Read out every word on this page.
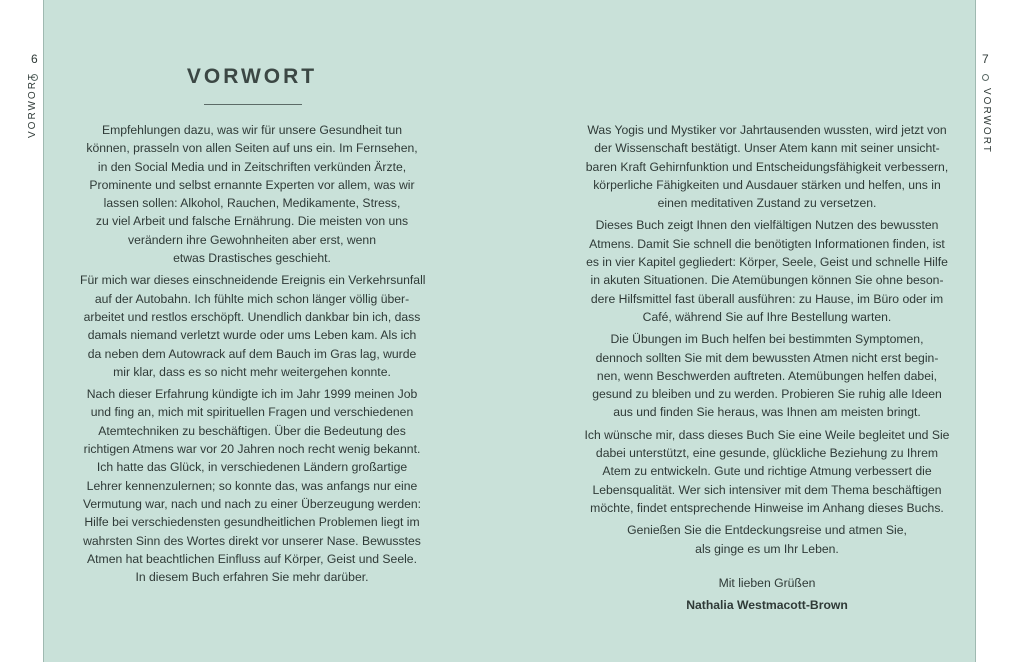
6
VORWORT
7
VORWORT
VORWORT
Empfehlungen dazu, was wir für unsere Gesundheit tun
können, prasseln von allen Seiten auf uns ein. Im Fernsehen,
in den Social Media und in Zeitschriften verkünden Ärzte,
Prominente und selbst ernannte Experten vor allem, was wir
lassen sollen: Alkohol, Rauchen, Medikamente, Stress,
zu viel Arbeit und falsche Ernährung. Die meisten von uns
verändern ihre Gewohnheiten aber erst, wenn
etwas Drastisches geschieht.
Für mich war dieses einschneidende Ereignis ein Verkehrsunfall
auf der Autobahn. Ich fühlte mich schon länger völlig über-
arbeitet und restlos erschöpft. Unendlich dankbar bin ich, dass
damals niemand verletzt wurde oder ums Leben kam. Als ich
da neben dem Autowrack auf dem Bauch im Gras lag, wurde
mir klar, dass es so nicht mehr weitergehen konnte.
Nach dieser Erfahrung kündigte ich im Jahr 1999 meinen Job
und fing an, mich mit spirituellen Fragen und verschiedenen
Atemtechniken zu beschäftigen. Über die Bedeutung des
richtigen Atmens war vor 20 Jahren noch recht wenig bekannt.
Ich hatte das Glück, in verschiedenen Ländern großartige
Lehrer kennenzulernen; so konnte das, was anfangs nur eine
Vermutung war, nach und nach zu einer Überzeugung werden:
Hilfe bei verschiedensten gesundheitlichen Problemen liegt im
wahrsten Sinn des Wortes direkt vor unserer Nase. Bewusstes
Atmen hat beachtlichen Einfluss auf Körper, Geist und Seele.
In diesem Buch erfahren Sie mehr darüber.
Was Yogis und Mystiker vor Jahrtausenden wussten, wird jetzt von
der Wissenschaft bestätigt. Unser Atem kann mit seiner unsicht-
baren Kraft Gehirnfunktion und Entscheidungsfähigkeit verbessern,
körperliche Fähigkeiten und Ausdauer stärken und helfen, uns in
einen meditativen Zustand zu versetzen.
Dieses Buch zeigt Ihnen den vielfältigen Nutzen des bewussten
Atmens. Damit Sie schnell die benötigten Informationen finden, ist
es in vier Kapitel gegliedert: Körper, Seele, Geist und schnelle Hilfe
in akuten Situationen. Die Atemübungen können Sie ohne beson-
dere Hilfsmittel fast überall ausführen: zu Hause, im Büro oder im
Café, während Sie auf Ihre Bestellung warten.
Die Übungen im Buch helfen bei bestimmten Symptomen,
dennoch sollten Sie mit dem bewussten Atmen nicht erst begin-
nen, wenn Beschwerden auftreten. Atemübungen helfen dabei,
gesund zu bleiben und zu werden. Probieren Sie ruhig alle Ideen
aus und finden Sie heraus, was Ihnen am meisten bringt.
Ich wünsche mir, dass dieses Buch Sie eine Weile begleitet und Sie
dabei unterstützt, eine gesunde, glückliche Beziehung zu Ihrem
Atem zu entwickeln. Gute und richtige Atmung verbessert die
Lebensqualität. Wer sich intensiver mit dem Thema beschäftigen
möchte, findet entsprechende Hinweise im Anhang dieses Buchs.
Genießen Sie die Entdeckungsreise und atmen Sie,
als ginge es um Ihr Leben.
Mit lieben Grüßen
Nathalia Westmacott-Brown
